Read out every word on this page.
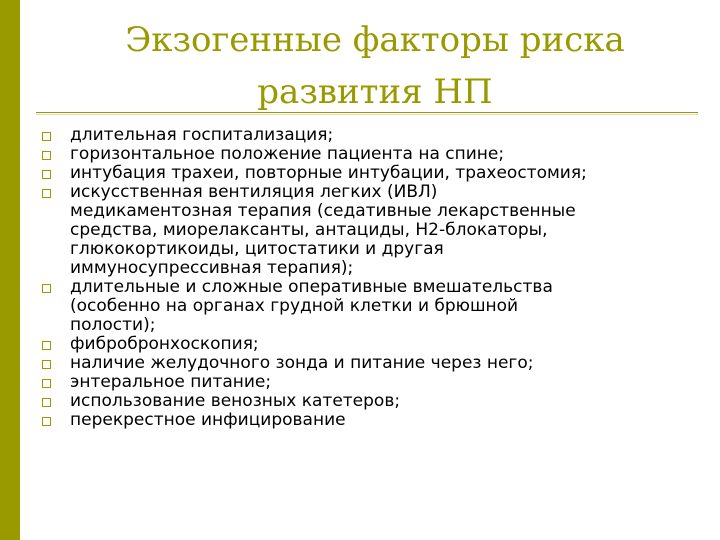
Экзогенные факторы риска
развития НП
длительная госпитализация;
горизонтальное положение пациента на спине;
интубация трахеи, повторные интубации, трахеостомия;
искусственная вентиляция легких (ИВЛ)
медикаментозная терапия (седативные лекарственные
средства, миорелаксанты, антациды, Н2-блокаторы,
глюкокортикоиды, цитостатики и другая
иммуносупрессивная терапия);
длительные и сложные оперативные вмешательства
(особенно на органах грудной клетки и брюшной
полости);
фибробронхоскопия;
наличие желудочного зонда и питание через него;
энтеральное питание;
использование венозных катетеров;
перекрестное инфицирование
